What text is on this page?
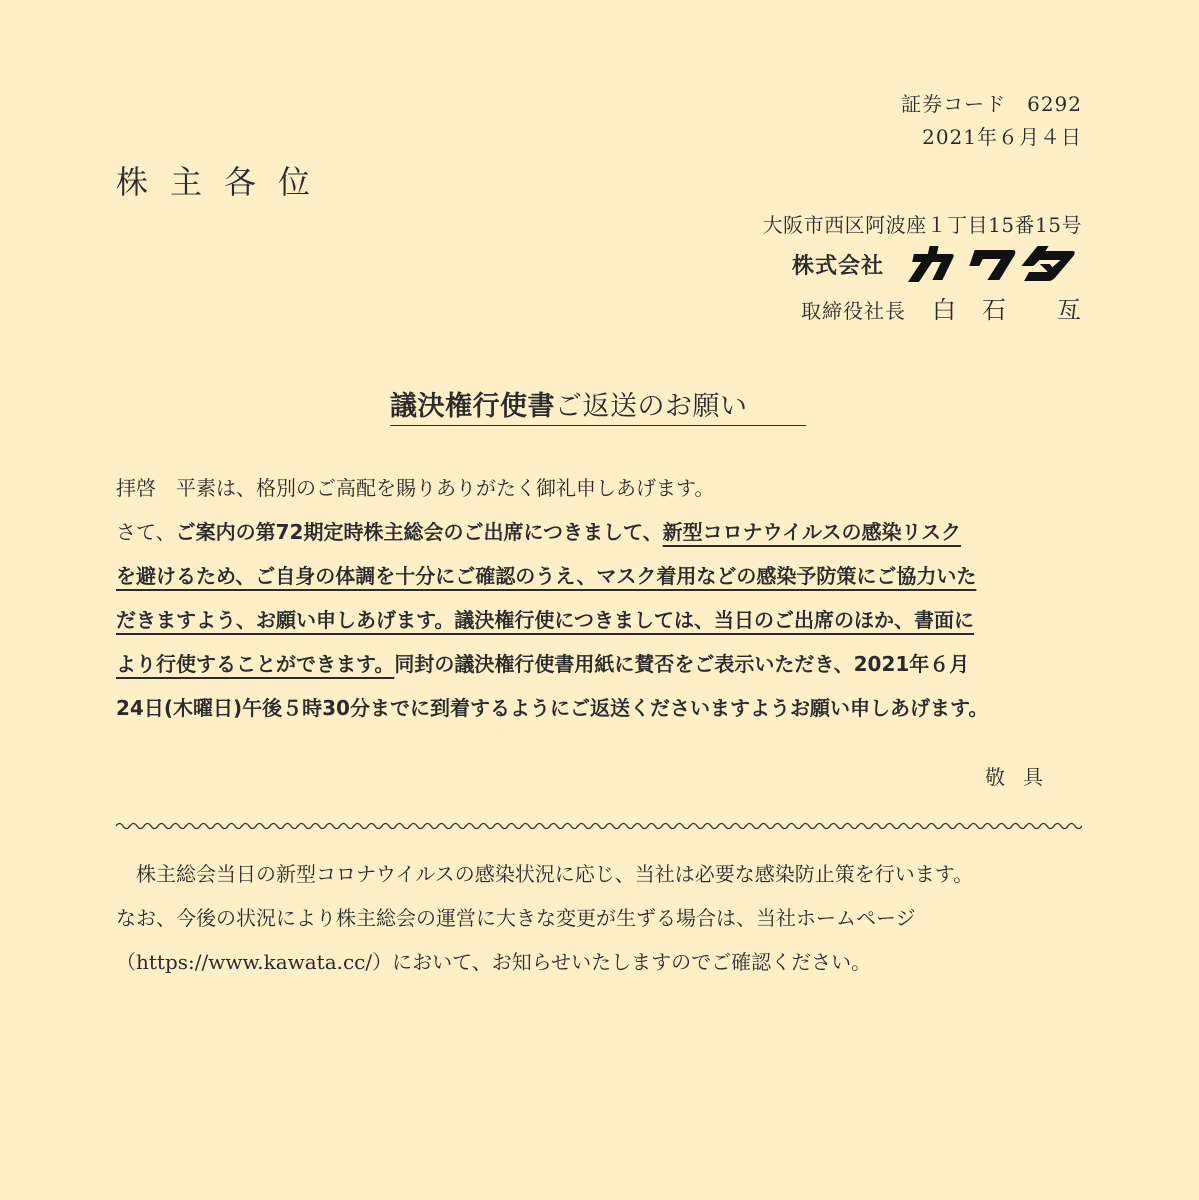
証券コード　6292
2021年６月４日
株主各位
大阪市西区阿波座１丁目15番15号
株式会社
取締役社長 白　石　　亙
議決権行使書ご返送のお願い
拝啓　平素は、格別のご高配を賜りありがたく御礼申しあげます。
さて、ご案内の第72期定時株主総会のご出席につきまして、新型コロナウイルスの感染リスク
を避けるため、ご自身の体調を十分にご確認のうえ、マスク着用などの感染予防策にご協力いた
だきますよう、お願い申しあげます。議決権行使につきましては、当日のご出席のほか、書面に
より行使することができます。同封の議決権行使書用紙に賛否をご表示いただき、2021年６月
24日(木曜日)午後５時30分までに到着するようにご返送くださいますようお願い申しあげます。
敬具
　株主総会当日の新型コロナウイルスの感染状況に応じ、当社は必要な感染防止策を行います。
なお、今後の状況により株主総会の運営に大きな変更が生ずる場合は、当社ホームページ
（https://www.kawata.cc/）において、お知らせいたしますのでご確認ください。
